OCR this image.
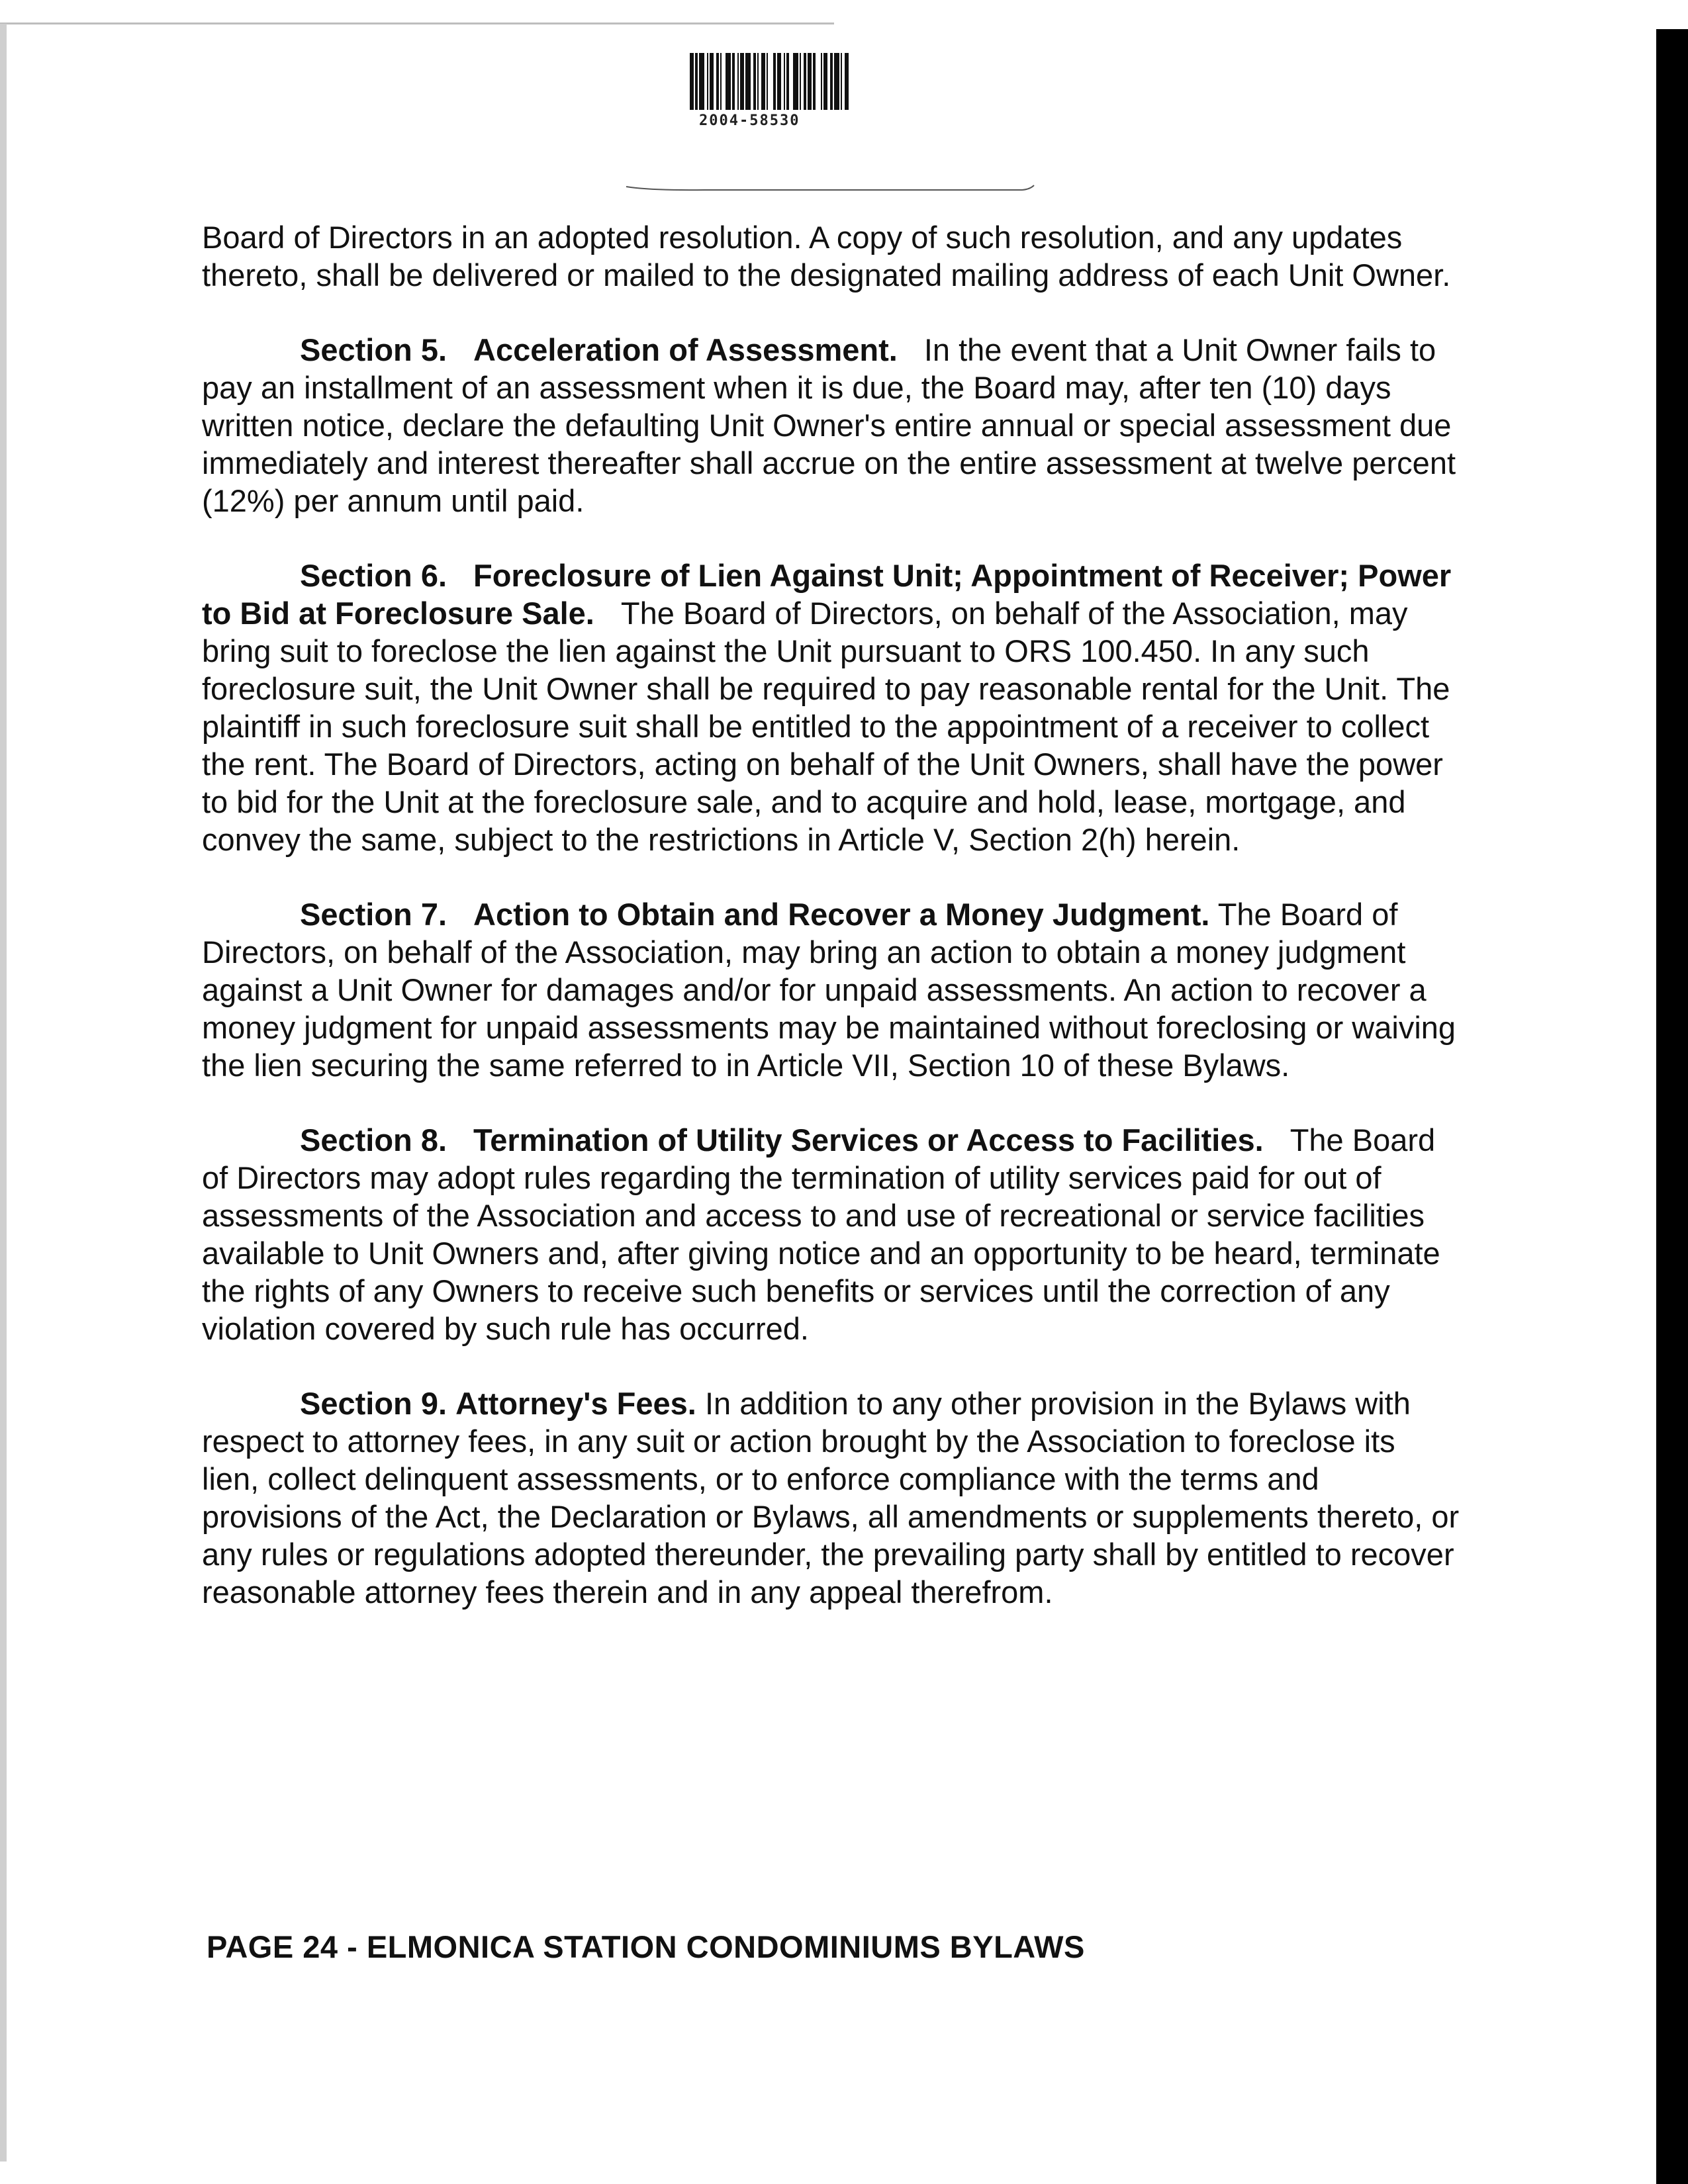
2004-58530

Board of Directors in an adopted resolution. A copy of such resolution, and any updates thereto, shall be delivered or mailed to the designated mailing address of each Unit Owner.

Section 5. Acceleration of Assessment. In the event that a Unit Owner fails to pay an installment of an assessment when it is due, the Board may, after ten (10) days written notice, declare the defaulting Unit Owner's entire annual or special assessment due immediately and interest thereafter shall accrue on the entire assessment at twelve percent (12%) per annum until paid.

Section 6. Foreclosure of Lien Against Unit; Appointment of Receiver; Power to Bid at Foreclosure Sale. The Board of Directors, on behalf of the Association, may bring suit to foreclose the lien against the Unit pursuant to ORS 100.450. In any such foreclosure suit, the Unit Owner shall be required to pay reasonable rental for the Unit. The plaintiff in such foreclosure suit shall be entitled to the appointment of a receiver to collect the rent. The Board of Directors, acting on behalf of the Unit Owners, shall have the power to bid for the Unit at the foreclosure sale, and to acquire and hold, lease, mortgage, and convey the same, subject to the restrictions in Article V, Section 2(h) herein.

Section 7. Action to Obtain and Recover a Money Judgment. The Board of Directors, on behalf of the Association, may bring an action to obtain a money judgment against a Unit Owner for damages and/or for unpaid assessments. An action to recover a money judgment for unpaid assessments may be maintained without foreclosing or waiving the lien securing the same referred to in Article VII, Section 10 of these Bylaws.

Section 8. Termination of Utility Services or Access to Facilities. The Board of Directors may adopt rules regarding the termination of utility services paid for out of assessments of the Association and access to and use of recreational or service facilities available to Unit Owners and, after giving notice and an opportunity to be heard, terminate the rights of any Owners to receive such benefits or services until the correction of any violation covered by such rule has occurred.

Section 9. Attorney's Fees. In addition to any other provision in the Bylaws with respect to attorney fees, in any suit or action brought by the Association to foreclose its lien, collect delinquent assessments, or to enforce compliance with the terms and provisions of the Act, the Declaration or Bylaws, all amendments or supplements thereto, or any rules or regulations adopted thereunder, the prevailing party shall by entitled to recover reasonable attorney fees therein and in any appeal therefrom.

PAGE 24 - ELMONICA STATION CONDOMINIUMS BYLAWS
